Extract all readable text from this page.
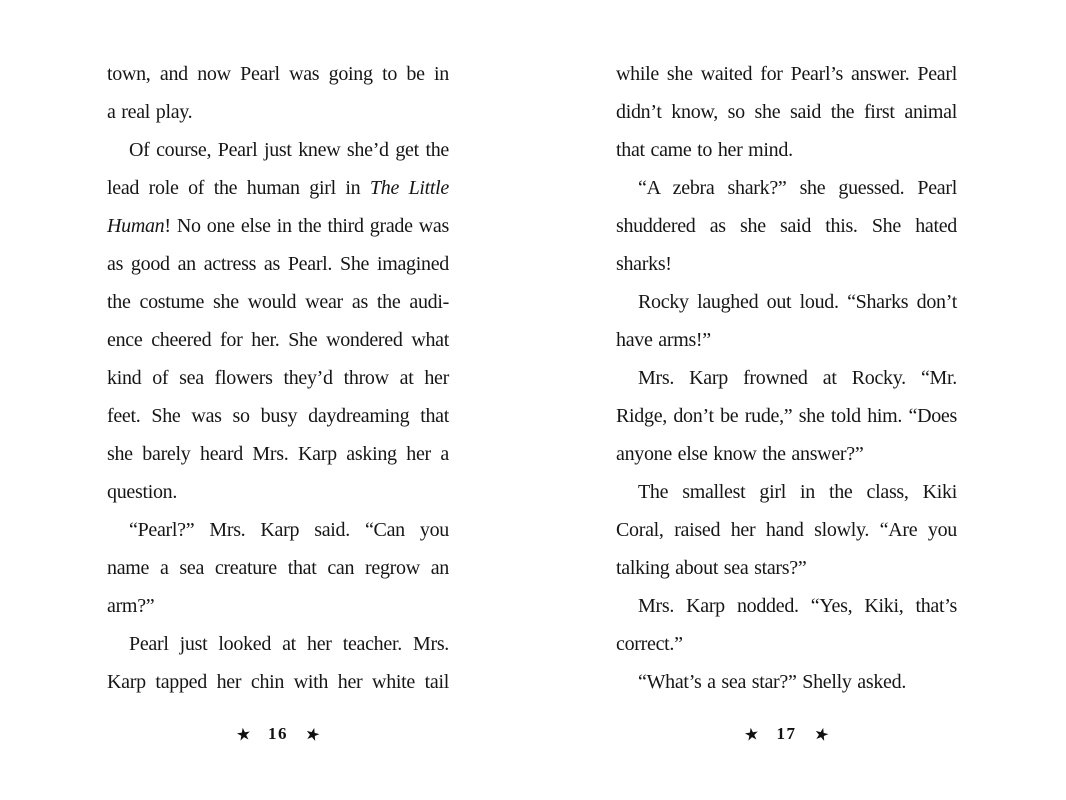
town, and now Pearl was going to be in
a real play.
Of course, Pearl just knew she’d get the
lead role of the human girl in The Little
Human! No one else in the third grade was
as good an actress as Pearl. She imagined
the costume she would wear as the audi-
ence cheered for her. She wondered what
kind of sea flowers they’d throw at her
feet. She was so busy daydreaming that
she barely heard Mrs. Karp asking her a
question.
“Pearl?” Mrs. Karp said. “Can you
name a sea creature that can regrow an
arm?”
Pearl just looked at her teacher. Mrs.
Karp tapped her chin with her white tail
while she waited for Pearl’s answer. Pearl
didn’t know, so she said the first animal
that came to her mind.
“A zebra shark?” she guessed. Pearl
shuddered as she said this. She hated
sharks!
Rocky laughed out loud. “Sharks don’t
have arms!”
Mrs. Karp frowned at Rocky. “Mr.
Ridge, don’t be rude,” she told him. “Does
anyone else know the answer?”
The smallest girl in the class, Kiki
Coral, raised her hand slowly. “Are you
talking about sea stars?”
Mrs. Karp nodded. “Yes, Kiki, that’s
correct.”
“What’s a sea star?” Shelly asked.
★ 16 ★	★ 17 ★
